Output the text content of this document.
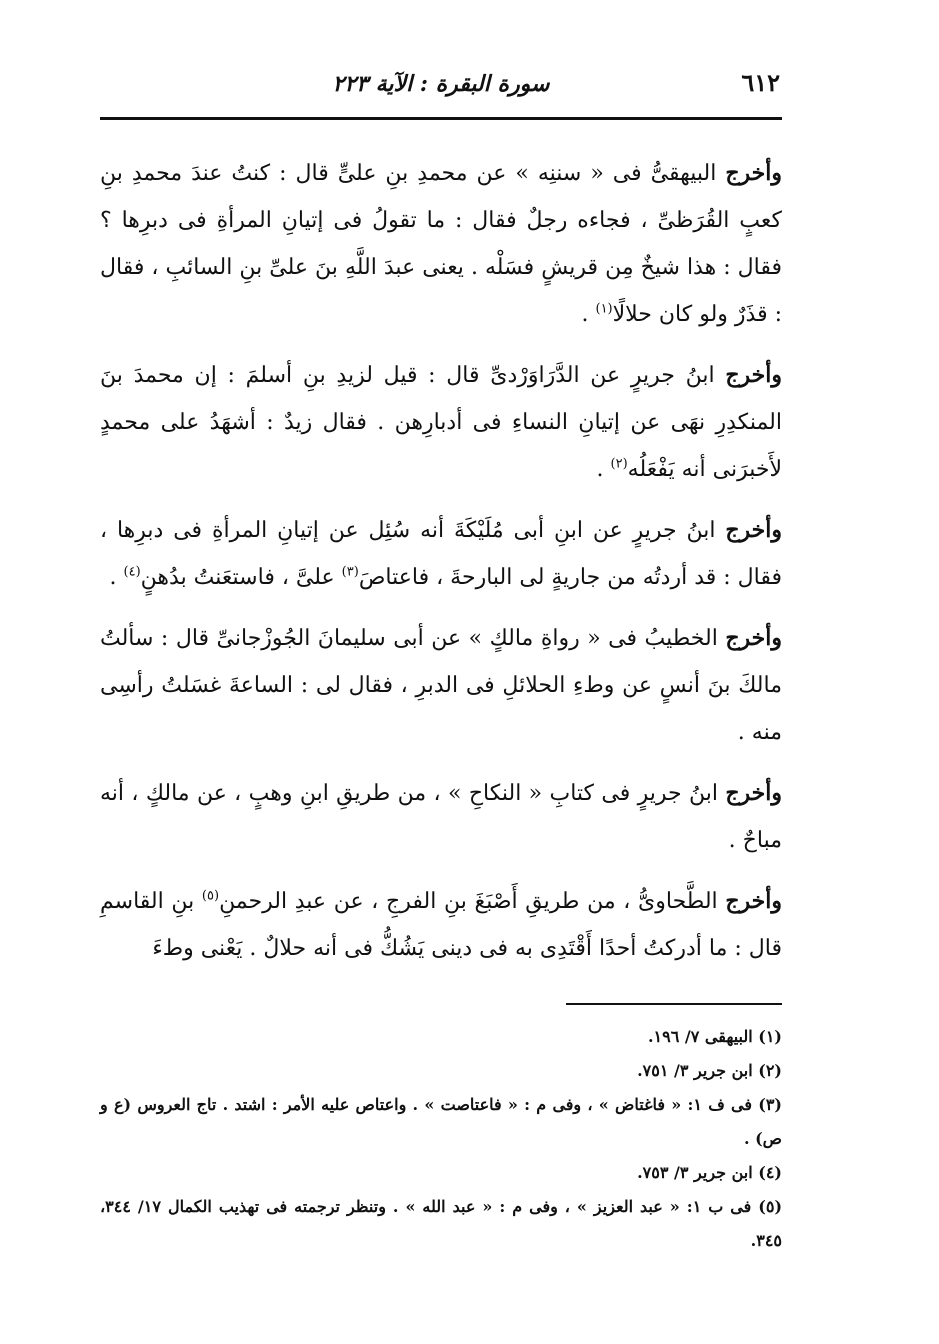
٦١٢
سورة البقرة : الآية ٢٢٣

وأخرج البيهقىُّ فى « سننِه » عن محمدِ بنِ علىٍّ قال : كنتُ عندَ محمدِ بنِ كعبٍ القُرَظىِّ ، فجاءه رجلٌ فقال : ما تقولُ فى إتيانِ المرأةِ فى دبرِها ؟ فقال : هذا شيخٌ مِن قريشٍ فسَلْه . يعنى عبدَ اللَّهِ بنَ علىِّ بنِ السائبِ ، فقال : قذَرٌ ولو كان حلالًا$^{(١)}$ .

وأخرج ابنُ جريرٍ عن الدَّرَاوَرْدىِّ قال : قيل لزيدِ بنِ أسلمَ : إن محمدَ بنَ المنكدِرِ نهَى عن إتيانِ النساءِ فى أدبارِهن . فقال زيدٌ : أشهَدُ على محمدٍ لأَخبرَنى أنه يَفْعَلُه$^{(٢)}$ .

وأخرج ابنُ جريرٍ عن ابنِ أبى مُلَيْكَةَ أنه سُئِل عن إتيانِ المرأةِ فى دبرِها ، فقال : قد أردتُه من جاريةٍ لى البارحةَ ، فاعتاصَ$^{(٣)}$ علىَّ ، فاستعَنتُ بدُهنٍ$^{(٤)}$ .

وأخرج الخطيبُ فى « رواةِ مالكٍ » عن أبى سليمانَ الجُوزْجانىِّ قال : سألتُ مالكَ بنَ أنسٍ عن وطءِ الحلائلِ فى الدبرِ ، فقال لى : الساعةَ غسَلتُ رأسِى منه .

وأخرج ابنُ جريرٍ فى كتابِ « النكاحِ » ، من طريقِ ابنِ وهبٍ ، عن مالكٍ ، أنه مباحٌ .

وأخرج الطَّحاوىُّ ، من طريقِ أَصْبَغَ بنِ الفرجِ ، عن عبدِ الرحمنِ$^{(٥)}$ بنِ القاسمِ قال : ما أدركتُ أحدًا أَقْتَدِى به فى دينى يَشُكُّ فى أنه حلالٌ . يَعْنى وطءَ

(١) البيهقى ٧/ ١٩٦.
(٢) ابن جرير ٣/ ٧٥١.
(٣) فى ف ١: « فاغتاض » ، وفى م : « فاعتاصت » . واعتاص عليه الأمر : اشتد . تاج العروس (ع و ص) .
(٤) ابن جرير ٣/ ٧٥٣.
(٥) فى ب ١: « عبد العزيز » ، وفى م : « عبد الله » . وتنظر ترجمته فى تهذيب الكمال ١٧/ ٣٤٤، ٣٤٥.
